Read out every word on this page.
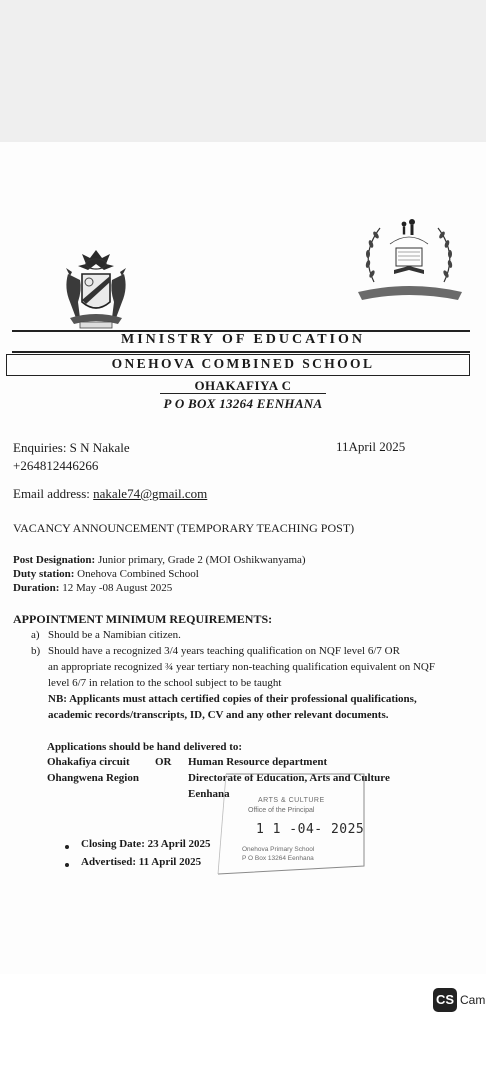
MINISTRY OF EDUCATION
ONEHOVA COMBINED SCHOOL
OHAKAFIYA C
P O BOX 13264 EENHANA
Enquiries: S N Nakale
+264812446266
11April 2025
Email address: nakale74@gmail.com
VACANCY ANNOUNCEMENT (TEMPORARY TEACHING POST)
Post Designation: Junior primary, Grade 2 (MOI Oshikwanyama)
Duty station: Onehova Combined School
Duration: 12 May -08 August 2025
APPOINTMENT MINIMUM REQUIREMENTS:
a) Should be a Namibian citizen.
b) Should have a recognized 3/4 years teaching qualification on NQF level 6/7 OR
an appropriate recognized ¾ year tertiary non-teaching qualification equivalent on NQF
level 6/7 in relation to the school subject to be taught
NB: Applicants must attach certified copies of their professional qualifications,
academic records/transcripts, ID, CV and any other relevant documents.
Applications should be hand delivered to:
Ohakafiya circuit OR
Ohangwena Region
Human Resource department
Directorate of Education, Arts and Culture
Eenhana
ARTS & CULTURE
Office of the Principal
1 1 -04- 2025
Onehova Primary School
P O Box 13264 Eenhana
Closing Date: 23 April 2025
Advertised: 11 April 2025
CS Cam
